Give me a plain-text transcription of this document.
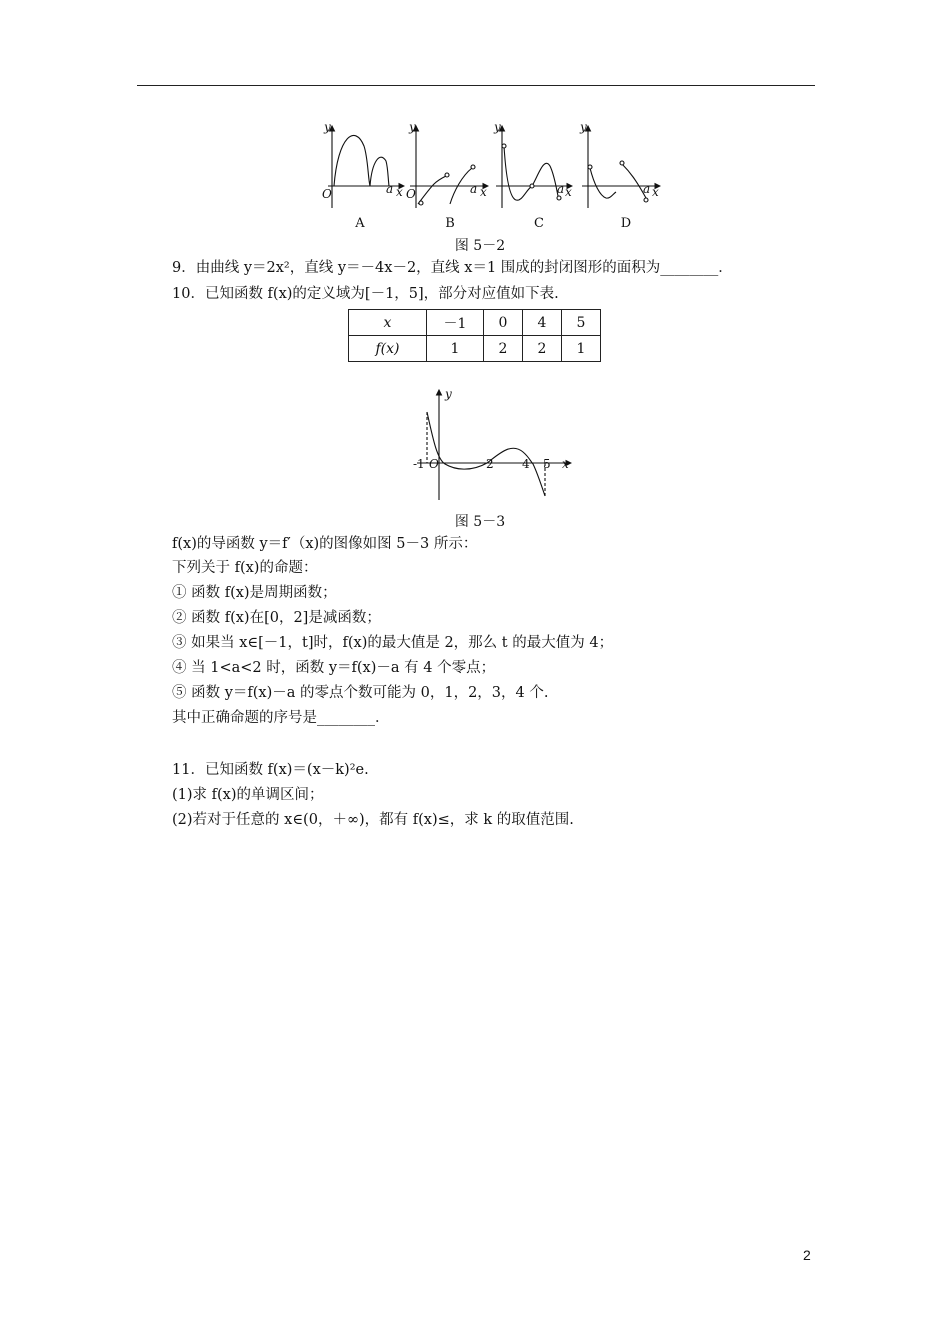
y
O	a x
y
O	a x
y
a x
y
a x
A	B	C	D
图 5－2
9．由曲线 y＝2x²，直线 y＝－4x－2，直线 x＝1 围成的封闭图形的面积为________．
10．已知函数 f(x)的定义域为[－1，5]，部分对应值如下表.
x	－1	0	4	5
f(x)	1	2	2	1
y
x
-1 O	2 4 5
图 5－3
f(x)的导函数 y＝f′（x)的图像如图 5－3 所示：
下列关于 f(x)的命题：
① 函数 f(x)是周期函数；
② 函数 f(x)在[0，2]是减函数；
③ 如果当 x∈[－1，t]时，f(x)的最大值是 2，那么 t 的最大值为 4；
④ 当 1<a<2 时，函数 y＝f(x)－a 有 4 个零点；
⑤ 函数 y＝f(x)－a 的零点个数可能为 0，1，2，3，4 个.
其中正确命题的序号是________．
11．已知函数 f(x)＝(x－k)²e.
(1)求 f(x)的单调区间；
(2)若对于任意的 x∈(0，＋∞)，都有 f(x)≤，求 k 的取值范围.
2
